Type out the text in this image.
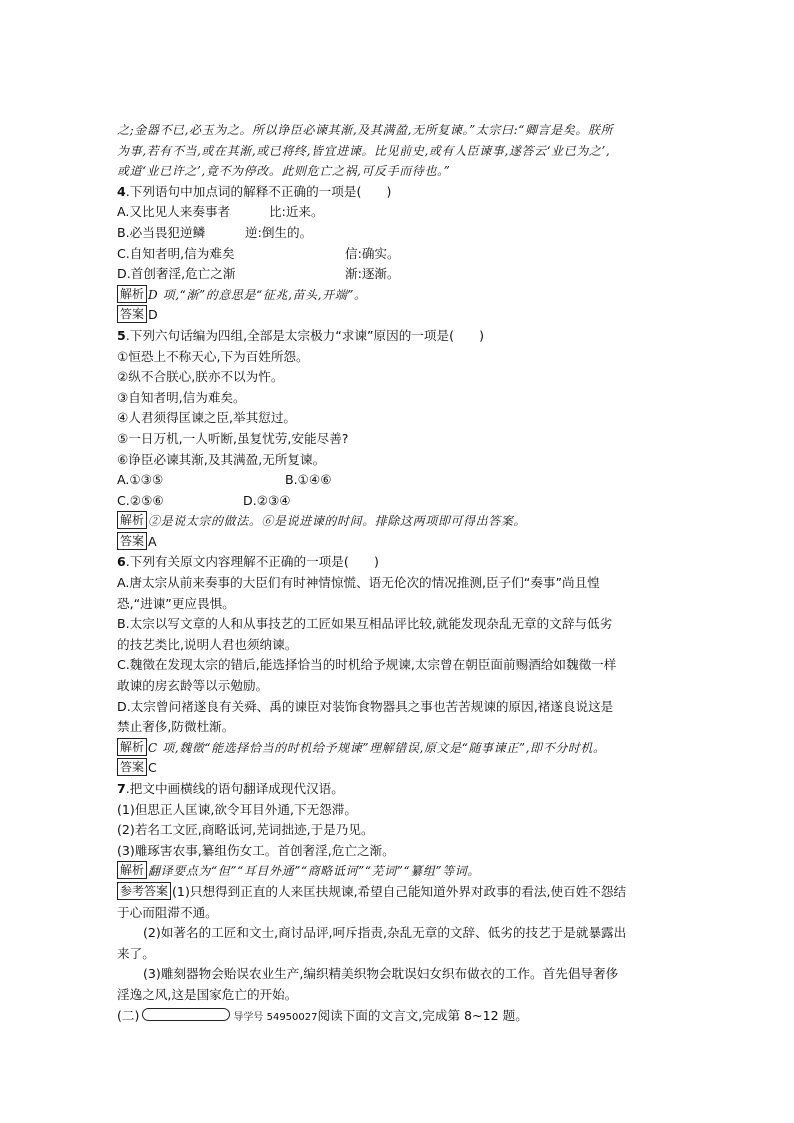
之;金器不已,必玉为之。所以诤臣必谏其渐,及其满盈,无所复谏。”太宗曰:“卿言是矣。朕所
为事,若有不当,或在其渐,或已将终,皆宜进谏。比见前史,或有人臣谏事,遂答云‘业已为之’,
或道‘业已许之’,竟不为停改。此则危亡之祸,可反手而待也。”
4.下列语句中加点词的解释不正确的一项是(　　)
A.又比见人来奏事者	比:近来。
B.必当畏犯逆鳞	逆:倒生的。
C.自知者明,信为难矣	信:确实。
D.首创奢淫,危亡之渐	渐:逐渐。
解析 D 项,“渐”的意思是“征兆,苗头,开端”。
答案 D
5.下列六句话编为四组,全部是太宗极力“求谏”原因的一项是(　　)
①恒恐上不称天心,下为百姓所怨。
②纵不合朕心,朕亦不以为忤。
③自知者明,信为难矣。
④人君须得匡谏之臣,举其愆过。
⑤一日万机,一人听断,虽复忧劳,安能尽善?
⑥诤臣必谏其渐,及其满盈,无所复谏。
A.①③⑤	B.①④⑥
C.②⑤⑥	D.②③④
解析 ②是说太宗的做法。⑥是说进谏的时间。排除这两项即可得出答案。
答案 A
6.下列有关原文内容理解不正确的一项是(　　)
A.唐太宗从前来奏事的大臣们有时神情惊慌、语无伦次的情况推测,臣子们“奏事”尚且惶
恐,“进谏”更应畏惧。
B.太宗以写文章的人和从事技艺的工匠如果互相品评比较,就能发现杂乱无章的文辞与低劣
的技艺类比,说明人君也须纳谏。
C.魏徵在发现太宗的错后,能选择恰当的时机给予规谏,太宗曾在朝臣面前赐酒给如魏徵一样
敢谏的房玄龄等以示勉励。
D.太宗曾问褚遂良有关舜、禹的谏臣对装饰食物器具之事也苦苦规谏的原因,褚遂良说这是
禁止奢侈,防微杜渐。
解析 C 项,魏徵“能选择恰当的时机给予规谏”理解错误,原文是“随事谏正”,即不分时机。
答案 C
7.把文中画横线的语句翻译成现代汉语。
(1)但思正人匡谏,欲令耳目外通,下无怨滞。
(2)若名工文匠,商略诋诃,芜词拙迹,于是乃见。
(3)雕琢害农事,纂组伤女工。首创奢淫,危亡之渐。
解析 翻译要点为“但”“耳目外通”“商略诋诃”“芜词”“纂组”等词。
参考答案 (1)只想得到正直的人来匡扶规谏,希望自己能知道外界对政事的看法,使百姓不怨结
于心而阻滞不通。
(2)如著名的工匠和文士,商讨品评,呵斥指责,杂乱无章的文辞、低劣的技艺于是就暴露出
来了。
(3)雕刻器物会贻误农业生产,编织精美织物会耽误妇女织布做衣的工作。首先倡导奢侈
淫逸之风,这是国家危亡的开始。
(二)	导学号 54950027阅读下面的文言文,完成第 8~12 题。
